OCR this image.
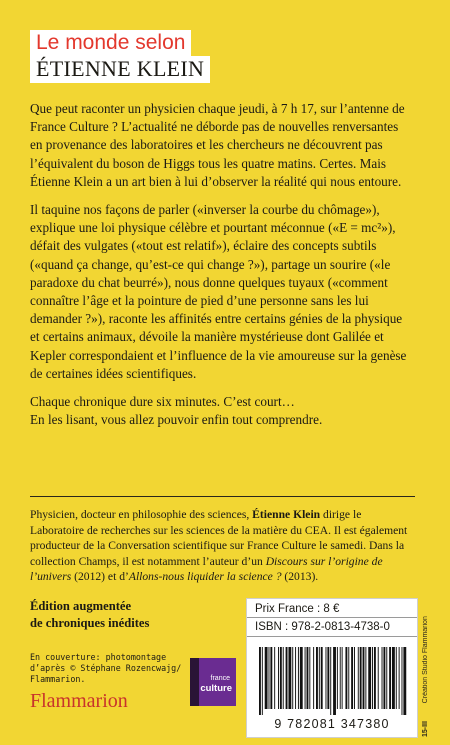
Le monde selon
ÉTIENNE KLEIN

Que peut raconter un physicien chaque jeudi, à 7 h 17, sur l’antenne de France Culture ? L’actualité ne déborde pas de nouvelles renversantes en provenance des laboratoires et les chercheurs ne découvrent pas l’équivalent du boson de Higgs tous les quatre matins. Certes. Mais Étienne Klein a un art bien à lui d’observer la réalité qui nous entoure.

Il taquine nos façons de parler («inverser la courbe du chômage»), explique une loi physique célèbre et pourtant méconnue («E = mc²»), défait des vulgates («tout est relatif»), éclaire des concepts subtils («quand ça change, qu’est-ce qui change ?»), partage un sourire («le paradoxe du chat beurré»), nous donne quelques tuyaux («comment connaître l’âge et la pointure de pied d’une personne sans les lui demander ?»), raconte les affinités entre certains génies de la physique et certains animaux, dévoile la manière mystérieuse dont Galilée et Kepler correspondaient et l’influence de la vie amoureuse sur la genèse de certaines idées scientifiques.

Chaque chronique dure six minutes. C’est court…
En les lisant, vous allez pouvoir enfin tout comprendre.

Physicien, docteur en philosophie des sciences, Étienne Klein dirige le Laboratoire de recherches sur les sciences de la matière du CEA. Il est également producteur de la Conversation scientifique sur France Culture le samedi. Dans la collection Champs, il est notamment l’auteur d’un Discours sur l’origine de l’univers (2012) et d’Allons-nous liquider la science ? (2013).
Édition augmentée
de chroniques inédites
En couverture: photomontage
d’après © Stéphane Rozencwajg/
Flammarion.
Flammarion
france
culture
Prix France : 8 €
ISBN : 978-2-0813-4738-0
9 782081 347380	15-III     Création Studio Flammarion
